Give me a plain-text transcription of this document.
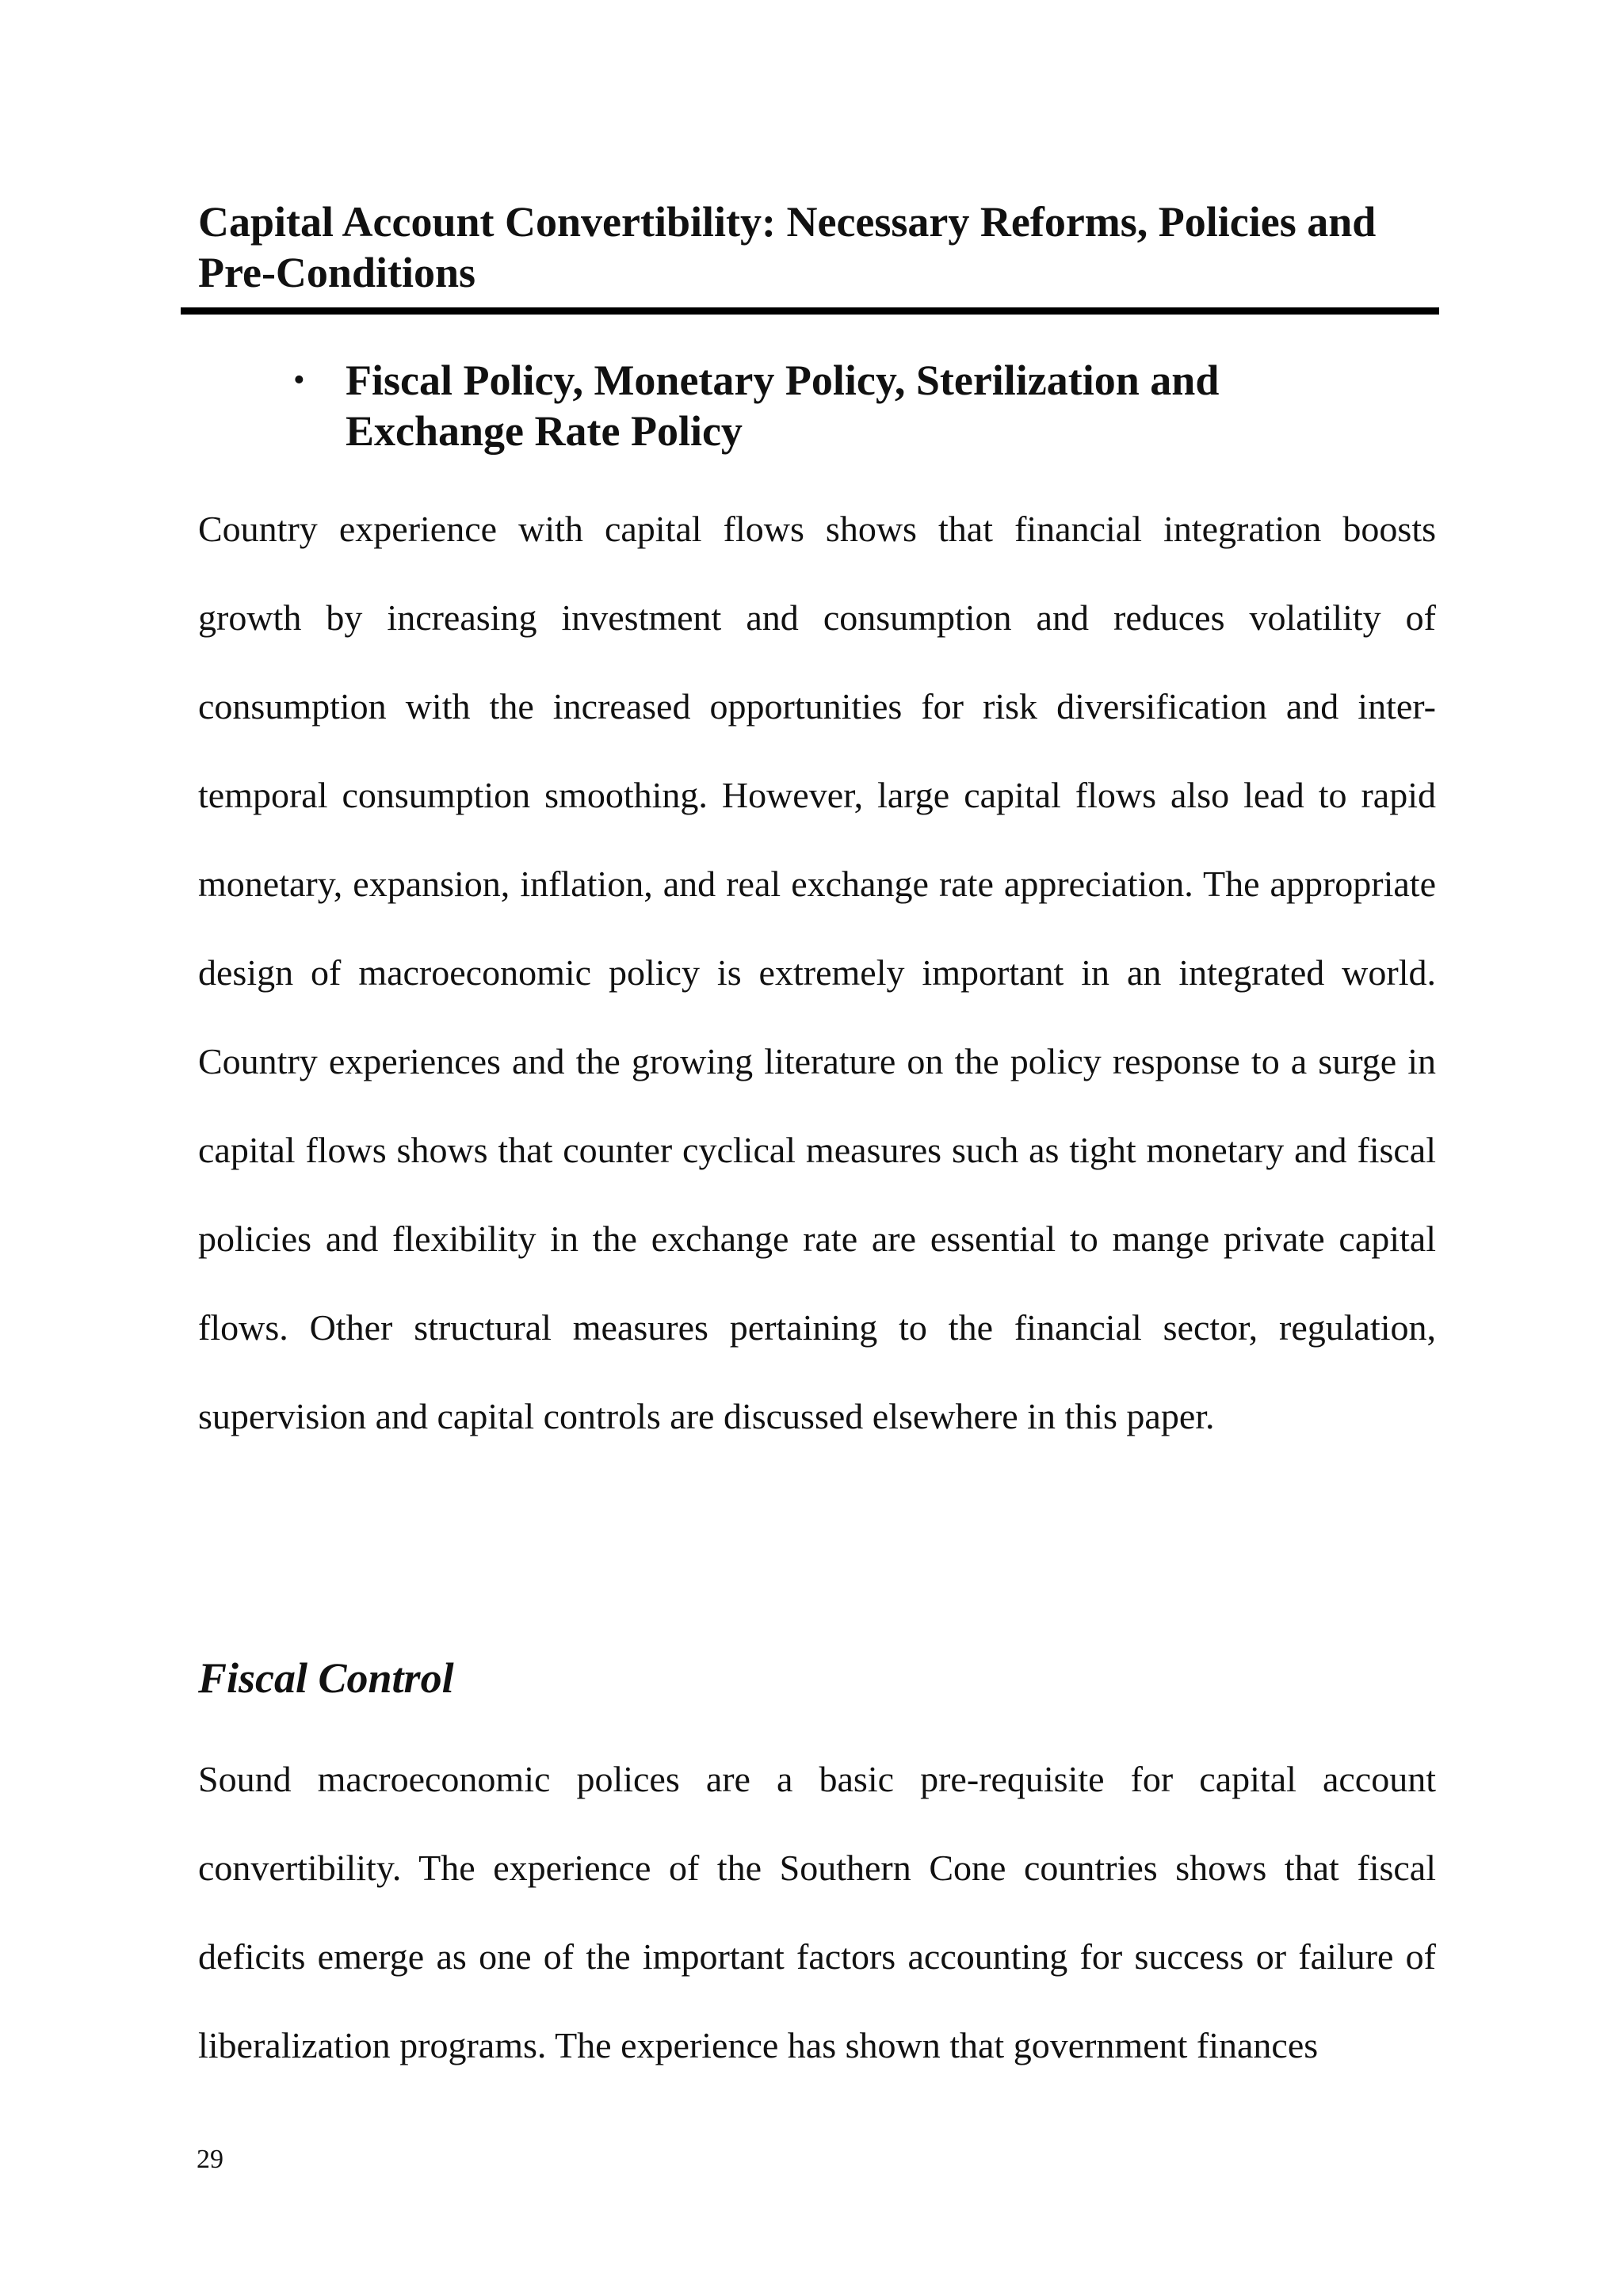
Capital Account Convertibility: Necessary Reforms, Policies and Pre-Conditions
• Fiscal Policy, Monetary Policy, Sterilization and Exchange Rate Policy

Country experience with capital flows shows that financial integration boosts growth by increasing investment and consumption and reduces volatility of consumption with the increased opportunities for risk diversification and inter-temporal consumption smoothing. However, large capital flows also lead to rapid monetary, expansion, inflation, and real exchange rate appreciation. The appropriate design of macroeconomic policy is extremely important in an integrated world. Country experiences and the growing literature on the policy response to a surge in capital flows shows that counter cyclical measures such as tight monetary and fiscal policies and flexibility in the exchange rate are essential to mange private capital flows. Other structural measures pertaining to the financial sector, regulation, supervision and capital controls are discussed elsewhere in this paper.

Fiscal Control

Sound macroeconomic polices are a basic pre-requisite for capital account convertibility. The experience of the Southern Cone countries shows that fiscal deficits emerge as one of the important factors accounting for success or failure of liberalization programs. The experience has shown that government finances

29
